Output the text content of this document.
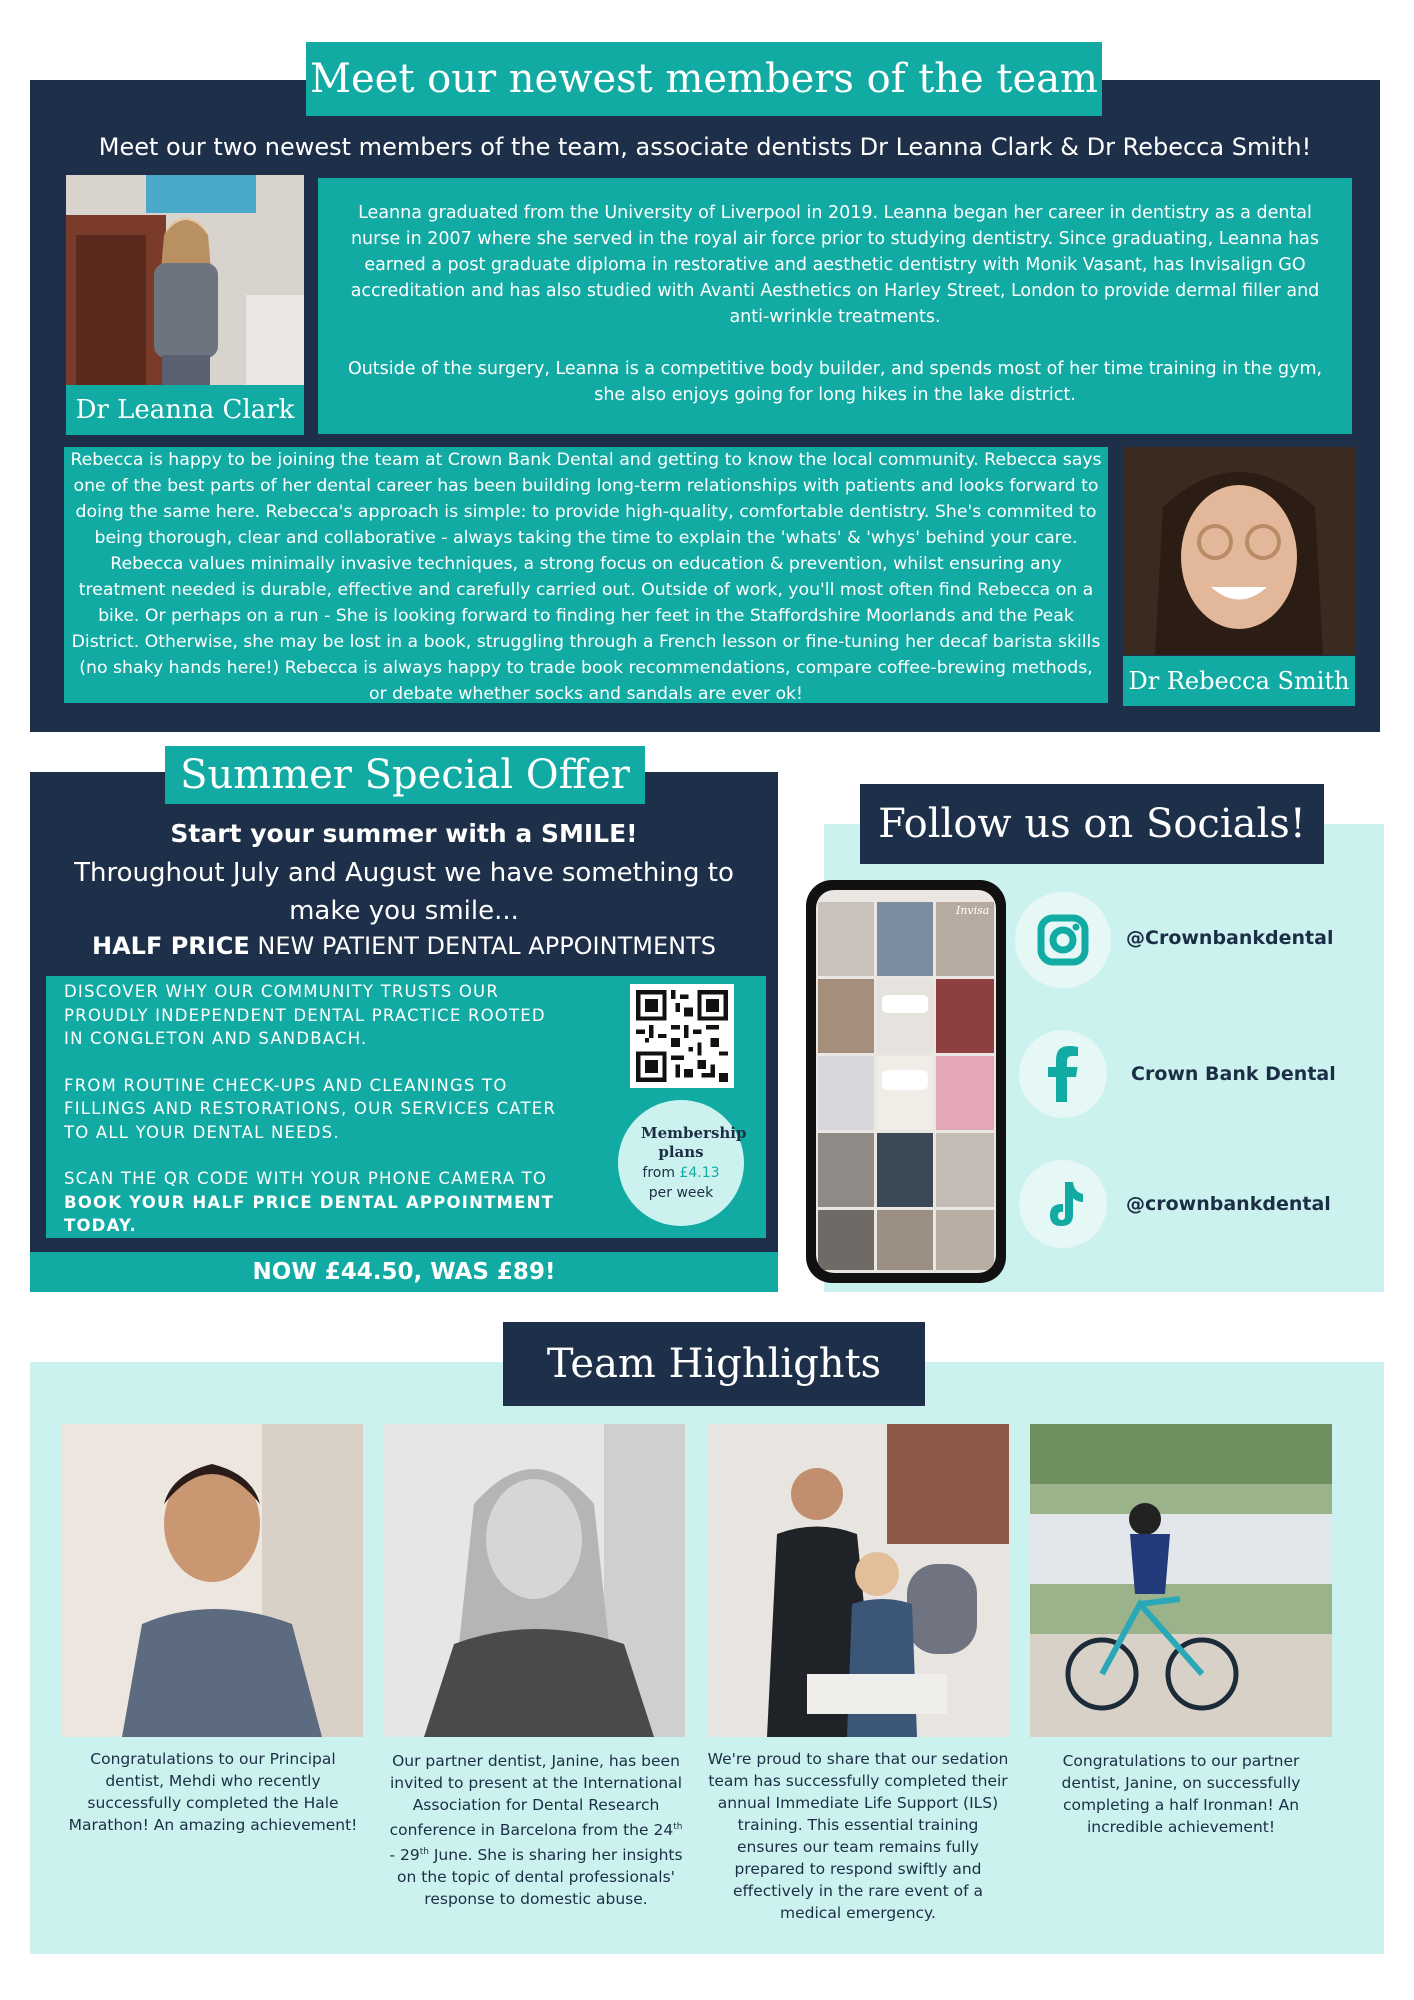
Meet our newest members of the team
Meet our two newest members of the team, associate dentists Dr Leanna Clark & Dr Rebecca Smith!
Dr Leanna Clark

Leanna graduated from the University of Liverpool in 2019. Leanna began her career in dentistry as a dental nurse in 2007 where she served in the royal air force prior to studying dentistry. Since graduating, Leanna has earned a post graduate diploma in restorative and aesthetic dentistry with Monik Vasant, has Invisalign GO accreditation and has also studied with Avanti Aesthetics on Harley Street, London to provide dermal filler and anti-wrinkle treatments.

Outside of the surgery, Leanna is a competitive body builder, and spends most of her time training in the gym, she also enjoys going for long hikes in the lake district.

Rebecca is happy to be joining the team at Crown Bank Dental and getting to know the local community. Rebecca says one of the best parts of her dental career has been building long-term relationships with patients and looks forward to doing the same here. Rebecca's approach is simple: to provide high-quality, comfortable dentistry. She's commited to being thorough, clear and collaborative - always taking the time to explain the 'whats' & 'whys' behind your care. Rebecca values minimally invasive techniques, a strong focus on education & prevention, whilst ensuring any treatment needed is durable, effective and carefully carried out. Outside of work, you'll most often find Rebecca on a bike. Or perhaps on a run - She is looking forward to finding her feet in the Staffordshire Moorlands and the Peak District. Otherwise, she may be lost in a book, struggling through a French lesson or fine-tuning her decaf barista skills (no shaky hands here!) Rebecca is always happy to trade book recommendations, compare coffee-brewing methods, or debate whether socks and sandals are ever ok!	Dr Rebecca Smith
Summer Special Offer
Start your summer with a SMILE!
Throughout July and August we have something to make you smile...
HALF PRICE NEW PATIENT DENTAL APPOINTMENTS

DISCOVER WHY OUR COMMUNITY TRUSTS OUR PROUDLY INDEPENDENT DENTAL PRACTICE ROOTED IN CONGLETON AND SANDBACH.

FROM ROUTINE CHECK-UPS AND CLEANINGS TO FILLINGS AND RESTORATIONS, OUR SERVICES CATER TO ALL YOUR DENTAL NEEDS.

SCAN THE QR CODE WITH YOUR PHONE CAMERA TO BOOK YOUR HALF PRICE DENTAL APPOINTMENT TODAY.

Membership plans
from £4.13
per week
NOW £44.50, WAS £89!
Follow us on Socials!
Invisa
@Crownbankdental
Crown Bank Dental
@crownbankdental
Team Highlights

Congratulations to our Principal dentist, Mehdi who recently successfully completed the Hale Marathon! An amazing achievement!

Our partner dentist, Janine, has been invited to present at the International Association for Dental Research conference in Barcelona from the 24th - 29th June. She is sharing her insights on the topic of dental professionals' response to domestic abuse.

We're proud to share that our sedation team has successfully completed their annual Immediate Life Support (ILS) training. This essential training ensures our team remains fully prepared to respond swiftly and effectively in the rare event of a medical emergency.

Congratulations to our partner dentist, Janine, on successfully completing a half Ironman! An incredible achievement!
